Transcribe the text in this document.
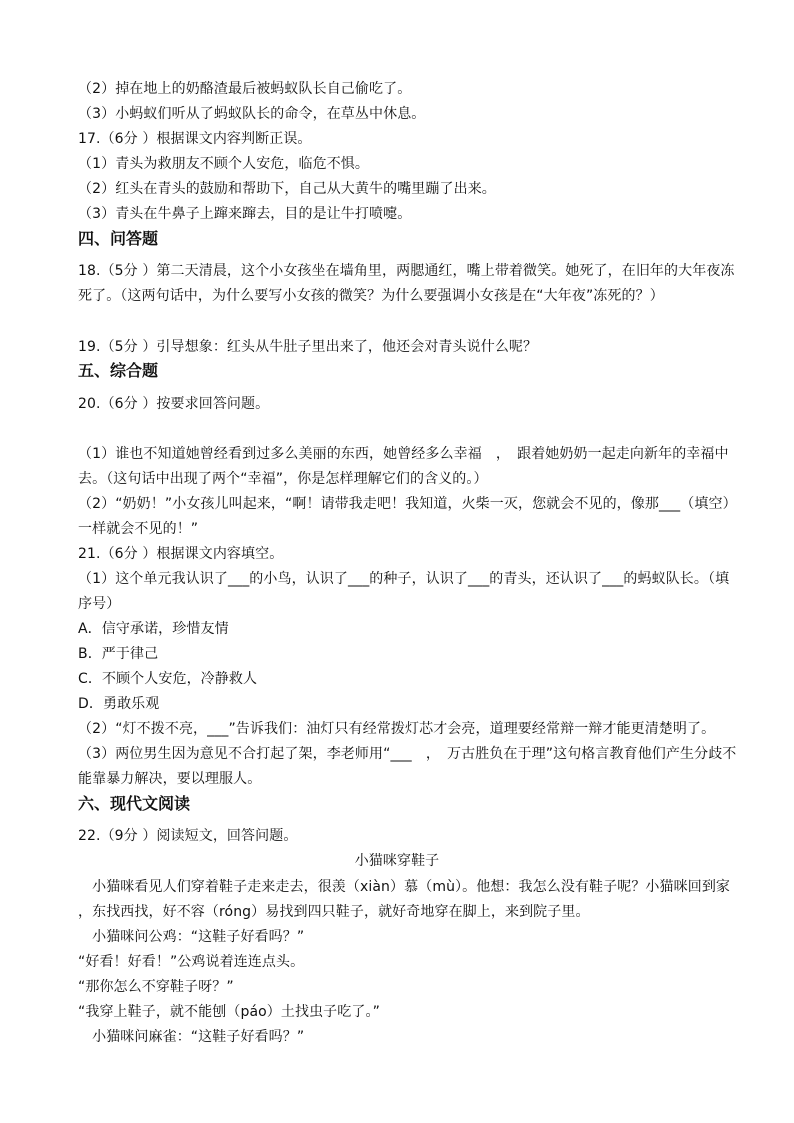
（2）掉在地上的奶酪渣最后被蚂蚁队长自己偷吃了。
（3）小蚂蚁们听从了蚂蚁队长的命令，在草丛中休息。
17.（6分 ）根据课文内容判断正误。
（1）青头为救朋友不顾个人安危，临危不惧。
（2）红头在青头的鼓励和帮助下，自己从大黄牛的嘴里蹦了出来。
（3）青头在牛鼻子上蹿来蹿去，目的是让牛打喷嚏。
四、问答题
18.（5分 ）第二天清晨，这个小女孩坐在墙角里，两腮通红，嘴上带着微笑。她死了，在旧年的大年夜冻
死了。（这两句话中，为什么要写小女孩的微笑？为什么要强调小女孩是在“大年夜”冻死的？）
19.（5分 ）引导想象：红头从牛肚子里出来了，他还会对青头说什么呢？
五、综合题
20.（6分 ）按要求回答问题。
（1）谁也不知道她曾经看到过多么美丽的东西，她曾经多么幸福　，　跟着她奶奶一起走向新年的幸福中
去。（这句话中出现了两个“幸福”，你是怎样理解它们的含义的。）
（2）“奶奶！”小女孩儿叫起来，“啊！请带我走吧！我知道，火柴一灭，您就会不见的，像那___（填空）
一样就会不见的！”
21.（6分 ）根据课文内容填空。
（1）这个单元我认识了___的小鸟，认识了___的种子，认识了___的青头，还认识了___的蚂蚁队长。（填
序号）
A．信守承诺，珍惜友情
B．严于律己
C．不顾个人安危，冷静救人
D．勇敢乐观
（2）“灯不拨不亮，___”告诉我们：油灯只有经常拨灯芯才会亮，道理要经常辩一辩才能更清楚明了。
（3）两位男生因为意见不合打起了架，李老师用“___　，　万古胜负在于理”这句格言教育他们产生分歧不
能靠暴力解决，要以理服人。
六、现代文阅读
22.（9分 ）阅读短文，回答问题。
小猫咪穿鞋子
　小猫咪看见人们穿着鞋子走来走去，很羡（xiàn）慕（mù）。他想：我怎么没有鞋子呢？小猫咪回到家
，东找西找，好不容（róng）易找到四只鞋子，就好奇地穿在脚上，来到院子里。
　小猫咪问公鸡：“这鞋子好看吗？”
“好看！好看！”公鸡说着连连点头。
“那你怎么不穿鞋子呀？”
“我穿上鞋子，就不能刨（páo）土找虫子吃了。”
　小猫咪问麻雀：“这鞋子好看吗？”
